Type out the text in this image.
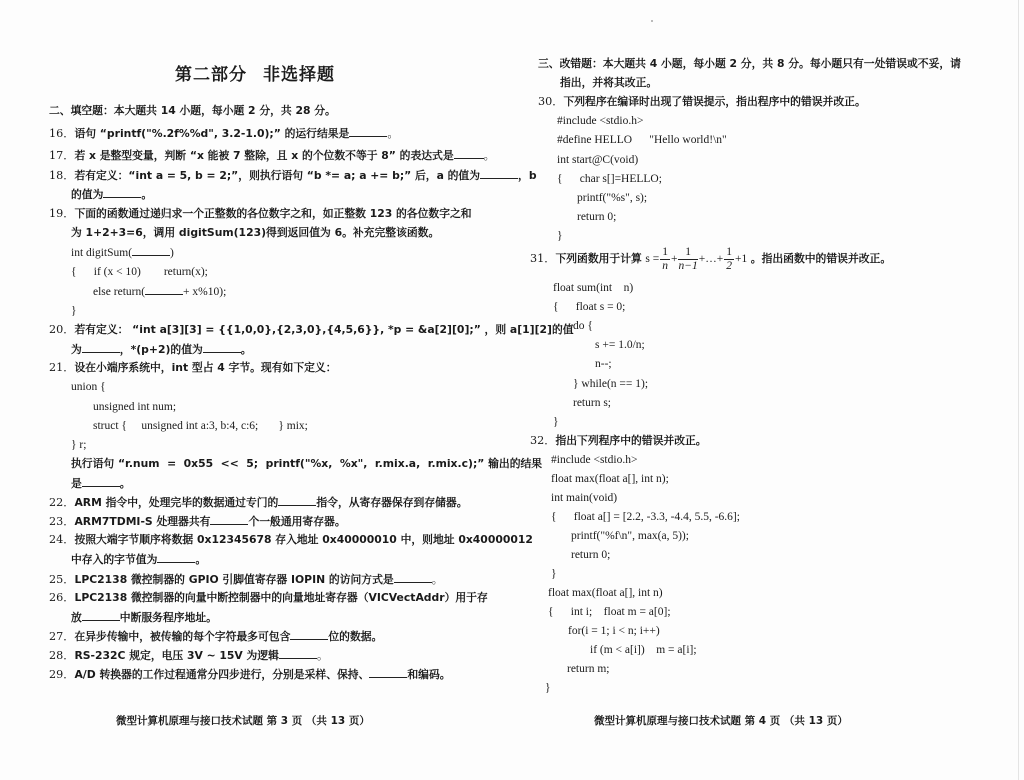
第二部分 非选择题
二、填空题：本大题共 14 小题，每小题 2 分，共 28 分。
16．语句 “printf("%.2f%%d", 3.2-1.0);” 的运行结果是	。
17．若 x 是整型变量，判断 “x 能被 7 整除，且 x 的个位数不等于 8” 的表达式是	。
18．若有定义：“int a = 5, b = 2;”，则执行语句 “b *= a; a += b;” 后，a 的值为	，b
的值为	。
19．下面的函数通过递归求一个正整数的各位数字之和，如正整数 123 的各位数字之和
为 1+2+3=6，调用 digitSum(123)得到返回值为 6。补充完整该函数。
int digitSum(	)
{      if (x < 10)        return(x);
else return(	+ x%10);
}
20．若有定义： “int a[3][3] = {{1,0,0},{2,3,0},{4,5,6}}, *p = &a[2][0];” ，则 a[1][2]的值
为	，*(p+2)的值为	。
21．设在小端序系统中，int 型占 4 字节。现有如下定义：
union {
unsigned int num;
struct {     unsigned int a:3, b:4, c:6;       } mix;
} r;
执行语句 “r.num  =  0x55  <<  5;  printf("%x,  %x",  r.mix.a,  r.mix.c);” 输出的结果
是	。
22．ARM 指令中，处理完毕的数据通过专门的	指令，从寄存器保存到存储器。
23．ARM7TDMI-S 处理器共有	个一般通用寄存器。
24．按照大端字节顺序将数据 0x12345678 存入地址 0x40000010 中，则地址 0x40000012
中存入的字节值为	。
25．LPC2138 微控制器的 GPIO 引脚值寄存器 IOPIN 的访问方式是	。
26．LPC2138 微控制器的向量中断控制器中的向量地址寄存器（VICVectAddr）用于存
放	中断服务程序地址。
27．在异步传输中，被传输的每个字符最多可包含	位的数据。
28．RS-232C 规定，电压 3V ~ 15V 为逻辑	。
29．A/D 转换器的工作过程通常分四步进行，分别是采样、保持、	和编码。
微型计算机原理与接口技术试题 第 3 页 （共 13 页）
三、改错题：本大题共 4 小题，每小题 2 分，共 8 分。每小题只有一处错误或不妥，请
指出，并将其改正。
30．下列程序在编译时出现了错误提示，指出程序中的错误并改正。
#include <stdio.h>
#define HELLO      "Hello world!\n"
int start@C(void)
{      char s[]=HELLO;
printf("%s", s);
return 0;
}
31．下列函数用于计算 $s = \frac{1}{n} + \frac{1}{n-1}$ +…+ $\frac{1}{2} +1$ 。指出函数中的错误并改正。
float sum(int    n)
{      float s = 0;
do {
s += 1.0/n;
n--;
} while(n == 1);
return s;
}
32．指出下列程序中的错误并改正。
#include <stdio.h>
float max(float a[], int n);
int main(void)
{      float a[] = [2.2, -3.3, -4.4, 5.5, -6.6];
printf("%f\n", max(a, 5));
return 0;
}
float max(float a[], int n)
{      int i;    float m = a[0];
for(i = 1; i < n; i++)
if (m < a[i])    m = a[i];
return m;
}
微型计算机原理与接口技术试题 第 4 页 （共 13 页）
